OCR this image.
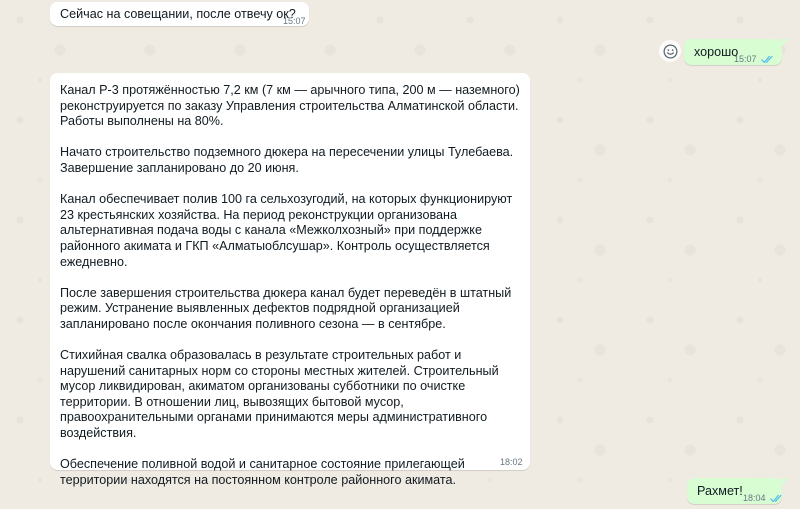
Сейчас на совещании, после отвечу ок?
15:07
хорошо
15:07

Канал Р-3 протяжённостью 7,2 км (7 км — арычного типа, 200 м — наземного) реконструируется по заказу Управления строительства Алматинской области. Работы выполнены на 80%.

Начато строительство подземного дюкера на пересечении улицы Тулебаева. Завершение запланировано до 20 июня.

Канал обеспечивает полив 100 га сельхозугодий, на которых функционируют 23 крестьянских хозяйства. На период реконструкции организована альтернативная подача воды с канала «Межколхозный» при поддержке районного акимата и ГКП «Алматыоблсушар». Контроль осуществляется ежедневно.

После завершения строительства дюкера канал будет переведён в штатный режим. Устранение выявленных дефектов подрядной организацией запланировано после окончания поливного сезона — в сентябре.

Стихийная свалка образовалась в результате строительных работ и нарушений санитарных норм со стороны местных жителей. Строительный мусор ликвидирован, акиматом организованы субботники по очистке территории. В отношении лиц, вывозящих бытовой мусор, правоохранительными органами принимаются меры административного воздействия.

Обеспечение поливной водой и санитарное состояние прилегающей территории находятся на постоянном контроле районного акимата.

18:02
Рахмет! 18:04
